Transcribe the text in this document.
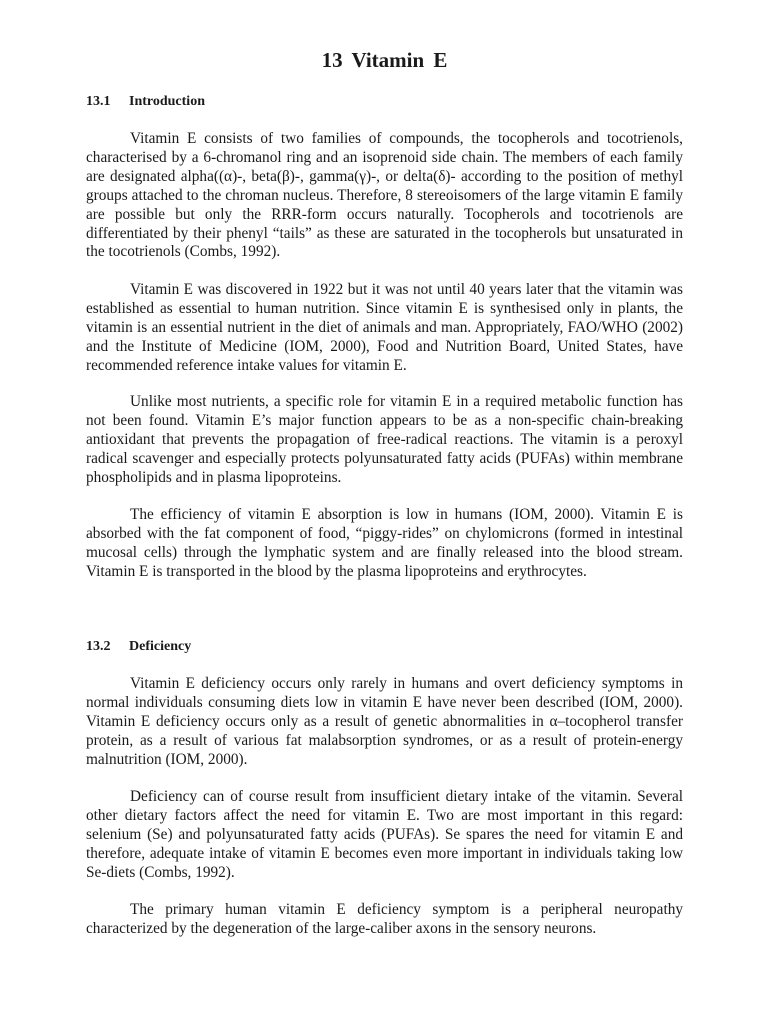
13 Vitamin E
13.1 Introduction

Vitamin E consists of two families of compounds, the tocopherols and tocotrienols, characterised by a 6-chromanol ring and an isoprenoid side chain. The members of each family are designated alpha((α)-, beta(β)-, gamma(γ)-, or delta(δ)- according to the position of methyl groups attached to the chroman nucleus. Therefore, 8 stereoisomers of the large vitamin E family are possible but only the RRR-form occurs naturally. Tocopherols and tocotrienols are differentiated by their phenyl “tails” as these are saturated in the tocopherols but unsaturated in the tocotrienols (Combs, 1992).

Vitamin E was discovered in 1922 but it was not until 40 years later that the vitamin was established as essential to human nutrition. Since vitamin E is synthesised only in plants, the vitamin is an essential nutrient in the diet of animals and man. Appropriately, FAO/WHO (2002) and the Institute of Medicine (IOM, 2000), Food and Nutrition Board, United States, have recommended reference intake values for vitamin E.

Unlike most nutrients, a specific role for vitamin E in a required metabolic function has not been found. Vitamin E’s major function appears to be as a non-specific chain-breaking antioxidant that prevents the propagation of free-radical reactions. The vitamin is a peroxyl radical scavenger and especially protects polyunsaturated fatty acids (PUFAs) within membrane phospholipids and in plasma lipoproteins.

The efficiency of vitamin E absorption is low in humans (IOM, 2000). Vitamin E is absorbed with the fat component of food, “piggy-rides” on chylomicrons (formed in intestinal mucosal cells) through the lymphatic system and are finally released into the blood stream. Vitamin E is transported in the blood by the plasma lipoproteins and erythrocytes.

13.2 Deficiency

Vitamin E deficiency occurs only rarely in humans and overt deficiency symptoms in normal individuals consuming diets low in vitamin E have never been described (IOM, 2000). Vitamin E deficiency occurs only as a result of genetic abnormalities in α–tocopherol transfer protein, as a result of various fat malabsorption syndromes, or as a result of protein-energy malnutrition (IOM, 2000).

Deficiency can of course result from insufficient dietary intake of the vitamin. Several other dietary factors affect the need for vitamin E. Two are most important in this regard: selenium (Se) and polyunsaturated fatty acids (PUFAs). Se spares the need for vitamin E and therefore, adequate intake of vitamin E becomes even more important in individuals taking low Se-diets (Combs, 1992).

The primary human vitamin E deficiency symptom is a peripheral neuropathy characterized by the degeneration of the large-caliber axons in the sensory neurons.
